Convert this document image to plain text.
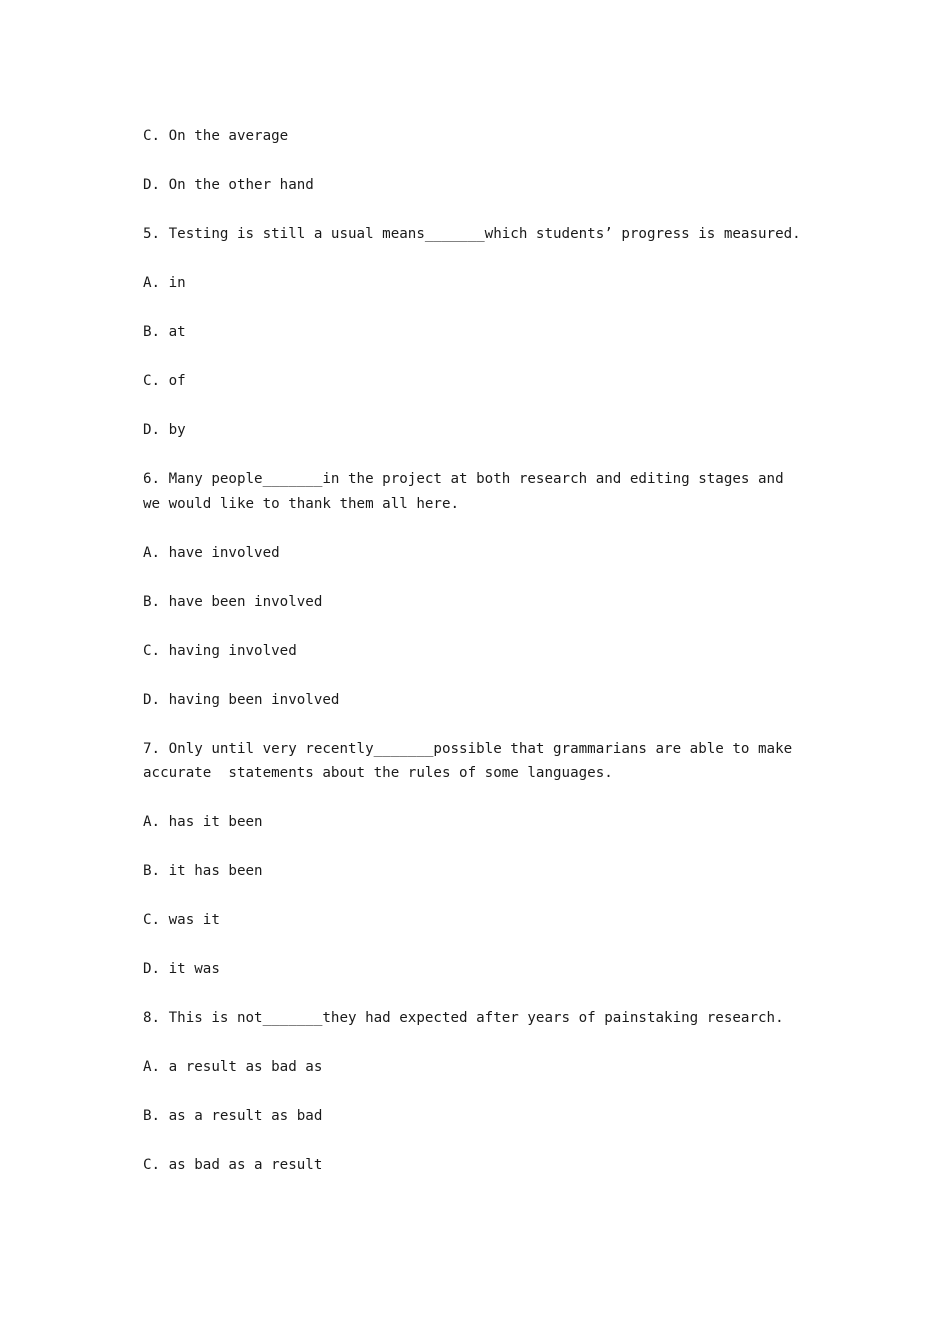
C. On the average

D. On the other hand

5. Testing is still a usual means_______which students’ progress is measured.

A. in

B. at

C. of

D. by

6. Many people_______in the project at both research and editing stages and we would like to thank them all here.

A. have involved

B. have been involved

C. having involved

D. having been involved

7. Only until very recently_______possible that grammarians are able to make accurate  statements about the rules of some languages.

A. has it been

B. it has been

C. was it

D. it was

8. This is not_______they had expected after years of painstaking research.

A. a result as bad as

B. as a result as bad

C. as bad as a result
